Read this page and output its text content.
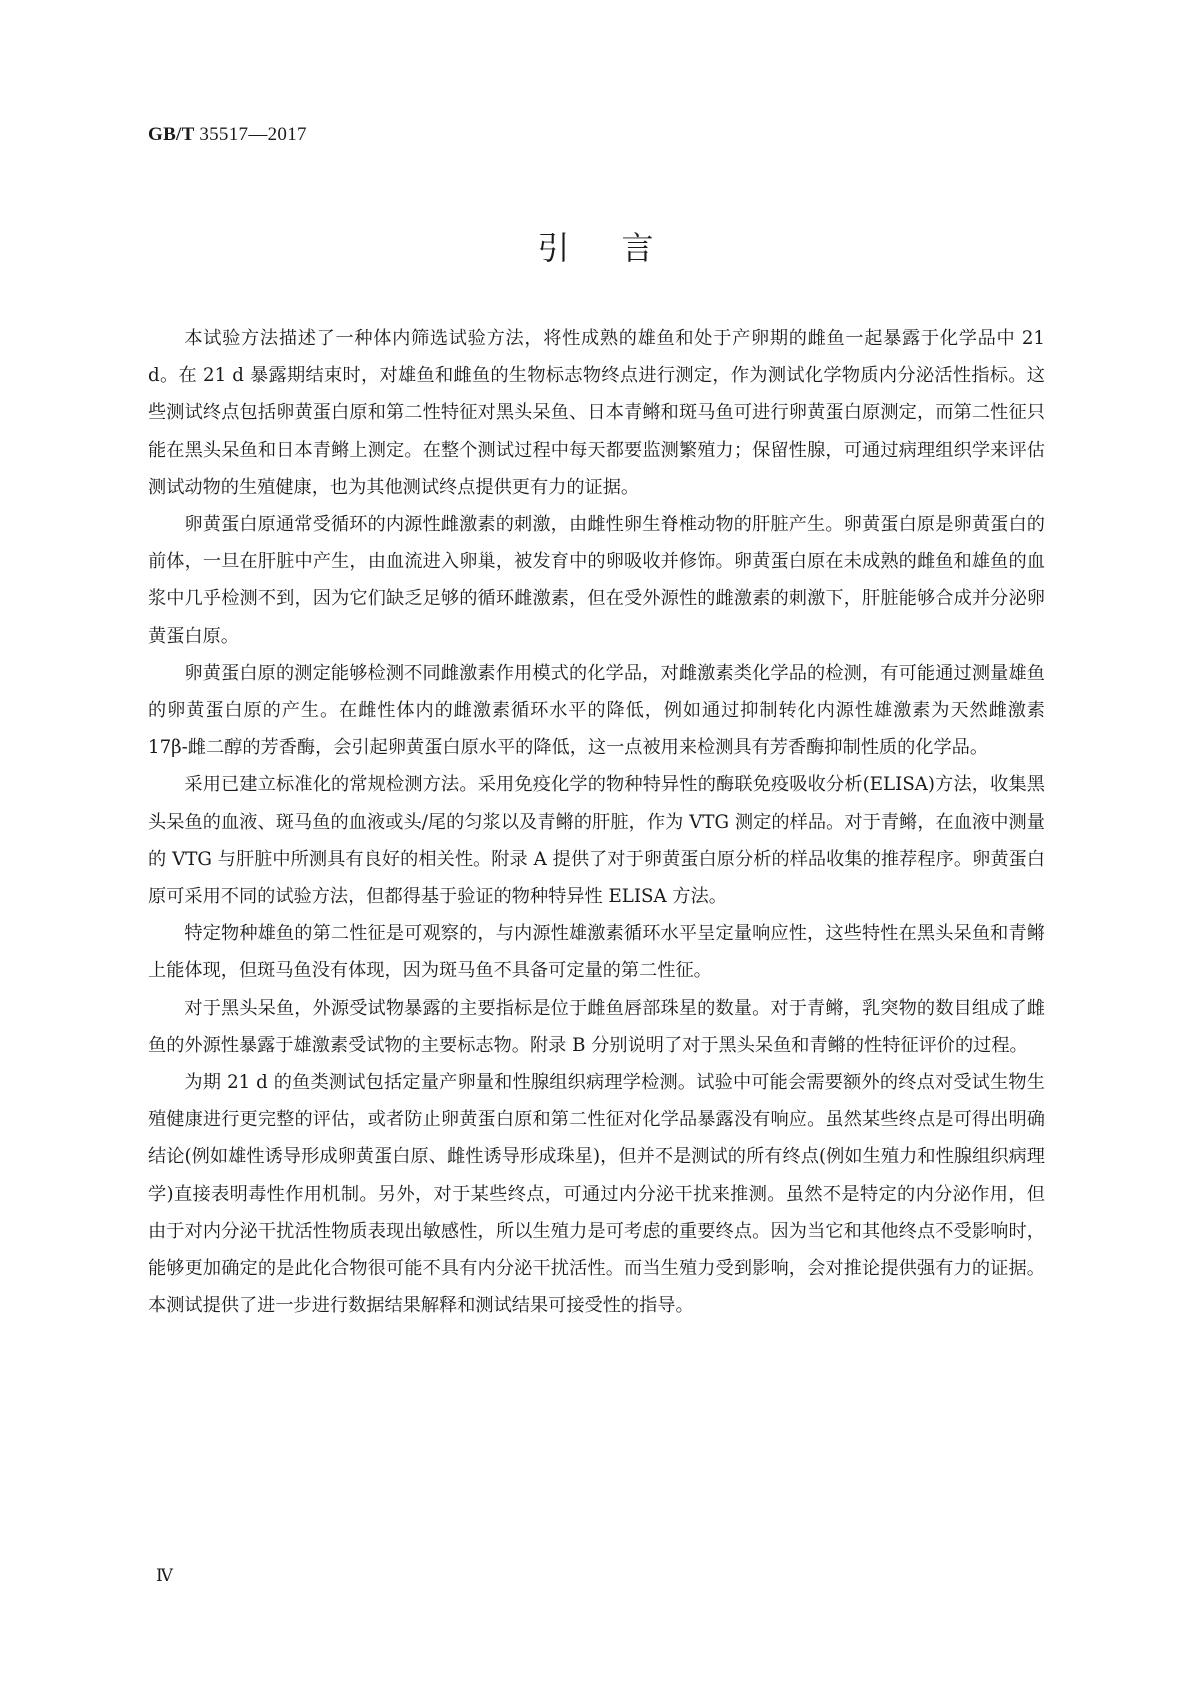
GB/T 35517—2017
引 言

本试验方法描述了一种体内筛选试验方法，将性成熟的雄鱼和处于产卵期的雌鱼一起暴露于化学品中 21 d。在 21 d 暴露期结束时，对雄鱼和雌鱼的生物标志物终点进行测定，作为测试化学物质内分泌活性指标。这些测试终点包括卵黄蛋白原和第二性特征对黑头呆鱼、日本青鳉和斑马鱼可进行卵黄蛋白原测定，而第二性征只能在黑头呆鱼和日本青鳉上测定。在整个测试过程中每天都要监测繁殖力；保留性腺，可通过病理组织学来评估测试动物的生殖健康，也为其他测试终点提供更有力的证据。

卵黄蛋白原通常受循环的内源性雌激素的刺激，由雌性卵生脊椎动物的肝脏产生。卵黄蛋白原是卵黄蛋白的前体，一旦在肝脏中产生，由血流进入卵巢，被发育中的卵吸收并修饰。卵黄蛋白原在未成熟的雌鱼和雄鱼的血浆中几乎检测不到，因为它们缺乏足够的循环雌激素，但在受外源性的雌激素的刺激下，肝脏能够合成并分泌卵黄蛋白原。

卵黄蛋白原的测定能够检测不同雌激素作用模式的化学品，对雌激素类化学品的检测，有可能通过测量雄鱼的卵黄蛋白原的产生。在雌性体内的雌激素循环水平的降低，例如通过抑制转化内源性雄激素为天然雌激素 17β-雌二醇的芳香酶，会引起卵黄蛋白原水平的降低，这一点被用来检测具有芳香酶抑制性质的化学品。

采用已建立标准化的常规检测方法。采用免疫化学的物种特异性的酶联免疫吸收分析(ELISA)方法，收集黑头呆鱼的血液、斑马鱼的血液或头/尾的匀浆以及青鳉的肝脏，作为 VTG 测定的样品。对于青鳉，在血液中测量的 VTG 与肝脏中所测具有良好的相关性。附录 A 提供了对于卵黄蛋白原分析的样品收集的推荐程序。卵黄蛋白原可采用不同的试验方法，但都得基于验证的物种特异性 ELISA 方法。

特定物种雄鱼的第二性征是可观察的，与内源性雄激素循环水平呈定量响应性，这些特性在黑头呆鱼和青鳉上能体现，但斑马鱼没有体现，因为斑马鱼不具备可定量的第二性征。

对于黑头呆鱼，外源受试物暴露的主要指标是位于雌鱼唇部珠星的数量。对于青鳉，乳突物的数目组成了雌鱼的外源性暴露于雄激素受试物的主要标志物。附录 B 分别说明了对于黑头呆鱼和青鳉的性特征评价的过程。

为期 21 d 的鱼类测试包括定量产卵量和性腺组织病理学检测。试验中可能会需要额外的终点对受试生物生殖健康进行更完整的评估，或者防止卵黄蛋白原和第二性征对化学品暴露没有响应。虽然某些终点是可得出明确结论(例如雄性诱导形成卵黄蛋白原、雌性诱导形成珠星)，但并不是测试的所有终点(例如生殖力和性腺组织病理学)直接表明毒性作用机制。另外，对于某些终点，可通过内分泌干扰来推测。虽然不是特定的内分泌作用，但由于对内分泌干扰活性物质表现出敏感性，所以生殖力是可考虑的重要终点。因为当它和其他终点不受影响时，能够更加确定的是此化合物很可能不具有内分泌干扰活性。而当生殖力受到影响，会对推论提供强有力的证据。本测试提供了进一步进行数据结果解释和测试结果可接受性的指导。

Ⅳ
